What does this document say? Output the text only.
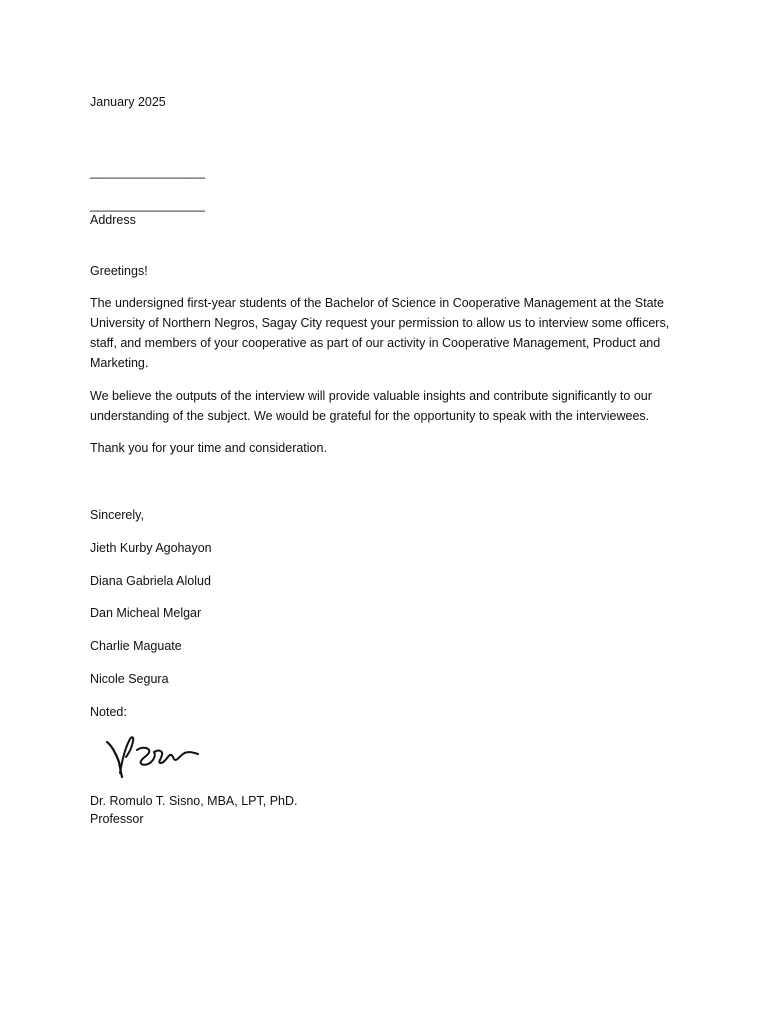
January 2025
_________________
_________________
Address
Greetings!
The undersigned first-year students of the Bachelor of Science in Cooperative Management at the State University of Northern Negros, Sagay City request your permission to allow us to interview some officers, staff, and members of your cooperative as part of our activity in Cooperative Management, Product and Marketing.
We believe the outputs of the interview will provide valuable insights and contribute significantly to our understanding of the subject. We would be grateful for the opportunity to speak with the interviewees.
Thank you for your time and consideration.
Sincerely,
Jieth Kurby Agohayon
Diana Gabriela Alolud
Dan Micheal Melgar
Charlie Maguate
Nicole Segura
Noted:
Dr. Romulo T. Sisno, MBA, LPT, PhD.
Professor
